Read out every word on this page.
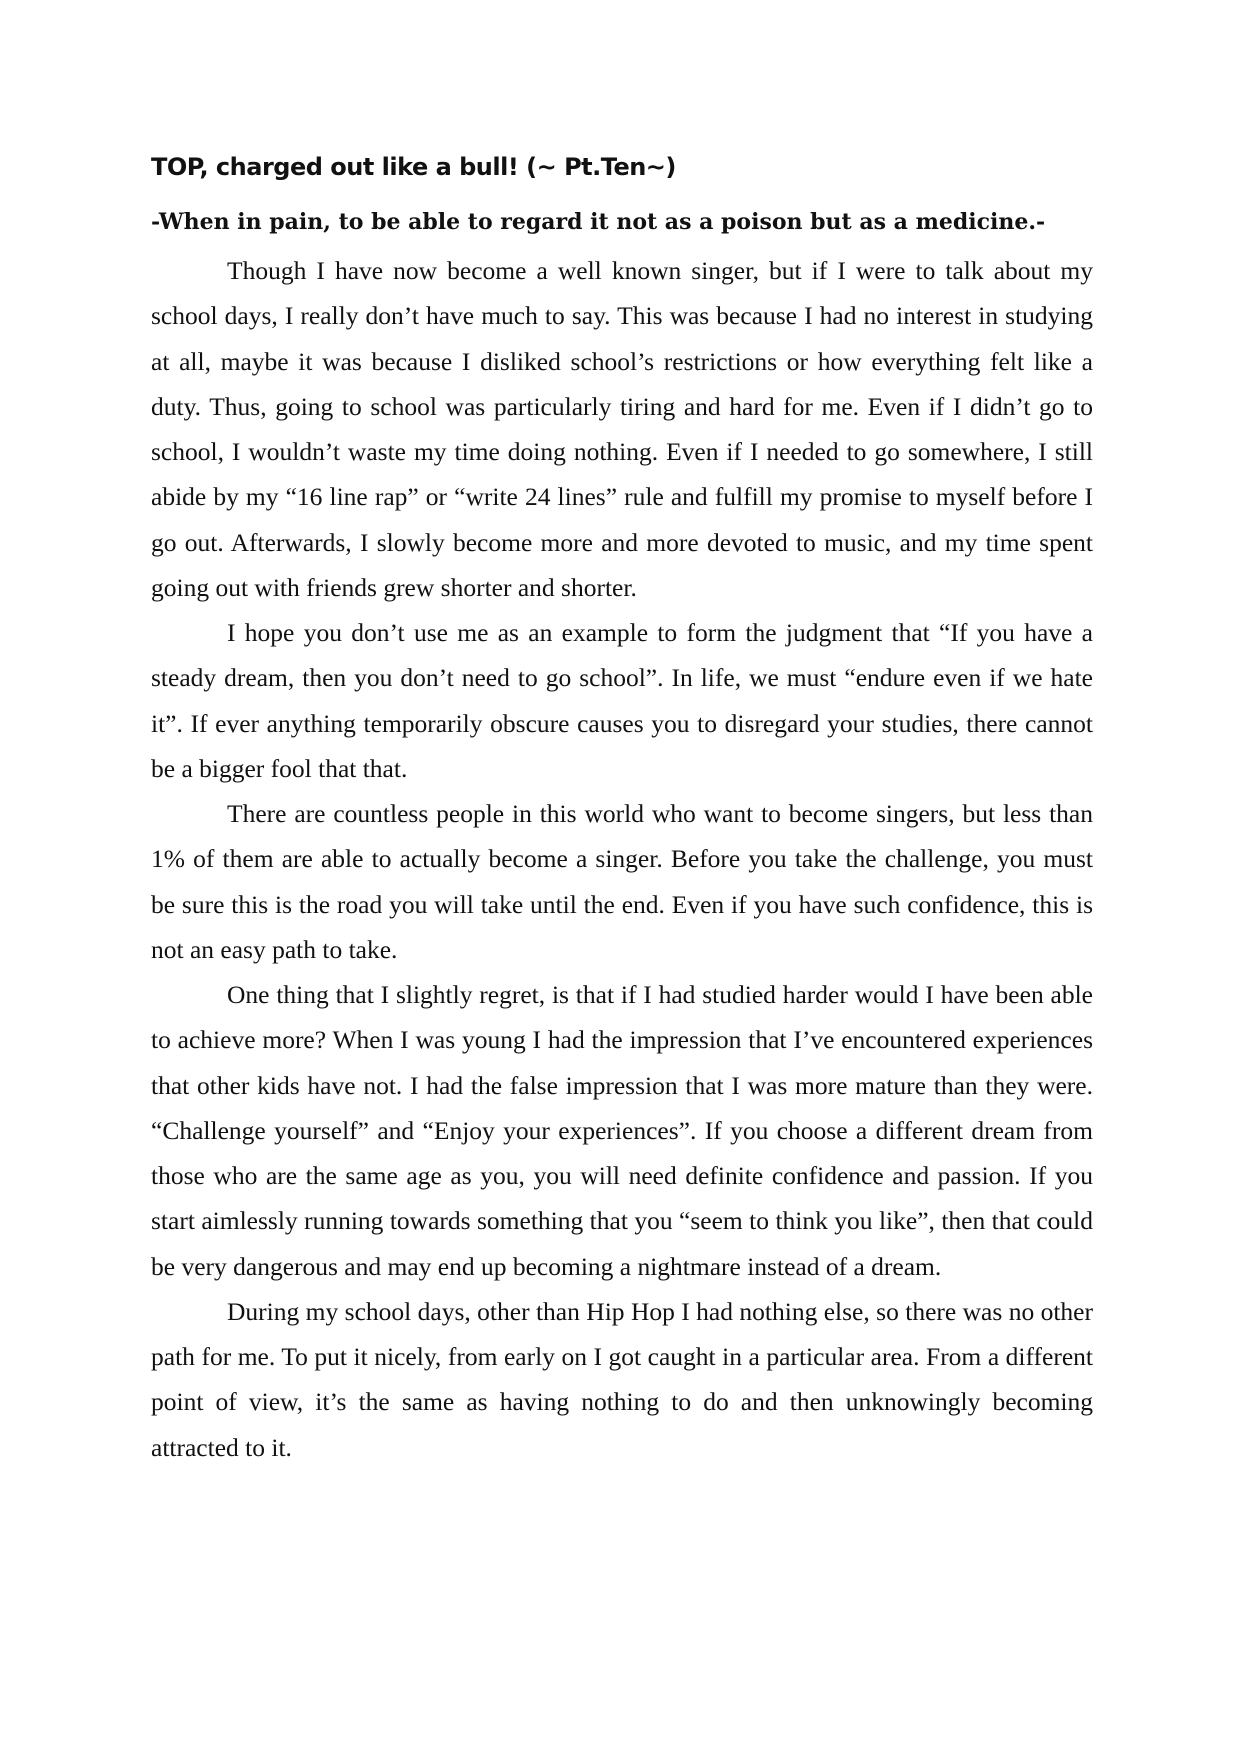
TOP, charged out like a bull! (~ Pt.Ten~)
-When in pain, to be able to regard it not as a poison but as a medicine.-

Though I have now become a well known singer, but if I were to talk about my school days, I really don’t have much to say. This was because I had no interest in studying at all, maybe it was because I disliked school’s restrictions or how everything felt like a duty. Thus, going to school was particularly tiring and hard for me. Even if I didn’t go to school, I wouldn’t waste my time doing nothing. Even if I needed to go somewhere, I still abide by my “16 line rap” or “write 24 lines” rule and fulfill my promise to myself before I go out. Afterwards, I slowly become more and more devoted to music, and my time spent going out with friends grew shorter and shorter.

I hope you don’t use me as an example to form the judgment that “If you have a steady dream, then you don’t need to go school”. In life, we must “endure even if we hate it”. If ever anything temporarily obscure causes you to disregard your studies, there cannot be a bigger fool that that.

There are countless people in this world who want to become singers, but less than 1% of them are able to actually become a singer. Before you take the challenge, you must be sure this is the road you will take until the end. Even if you have such confidence, this is not an easy path to take.

One thing that I slightly regret, is that if I had studied harder would I have been able to achieve more? When I was young I had the impression that I’ve encountered experiences that other kids have not. I had the false impression that I was more mature than they were. “Challenge yourself” and “Enjoy your experiences”. If you choose a different dream from those who are the same age as you, you will need definite confidence and passion. If you start aimlessly running towards something that you “seem to think you like”, then that could be very dangerous and may end up becoming a nightmare instead of a dream.

During my school days, other than Hip Hop I had nothing else, so there was no other path for me. To put it nicely, from early on I got caught in a particular area. From a different point of view, it’s the same as having nothing to do and then unknowingly becoming attracted to it.
